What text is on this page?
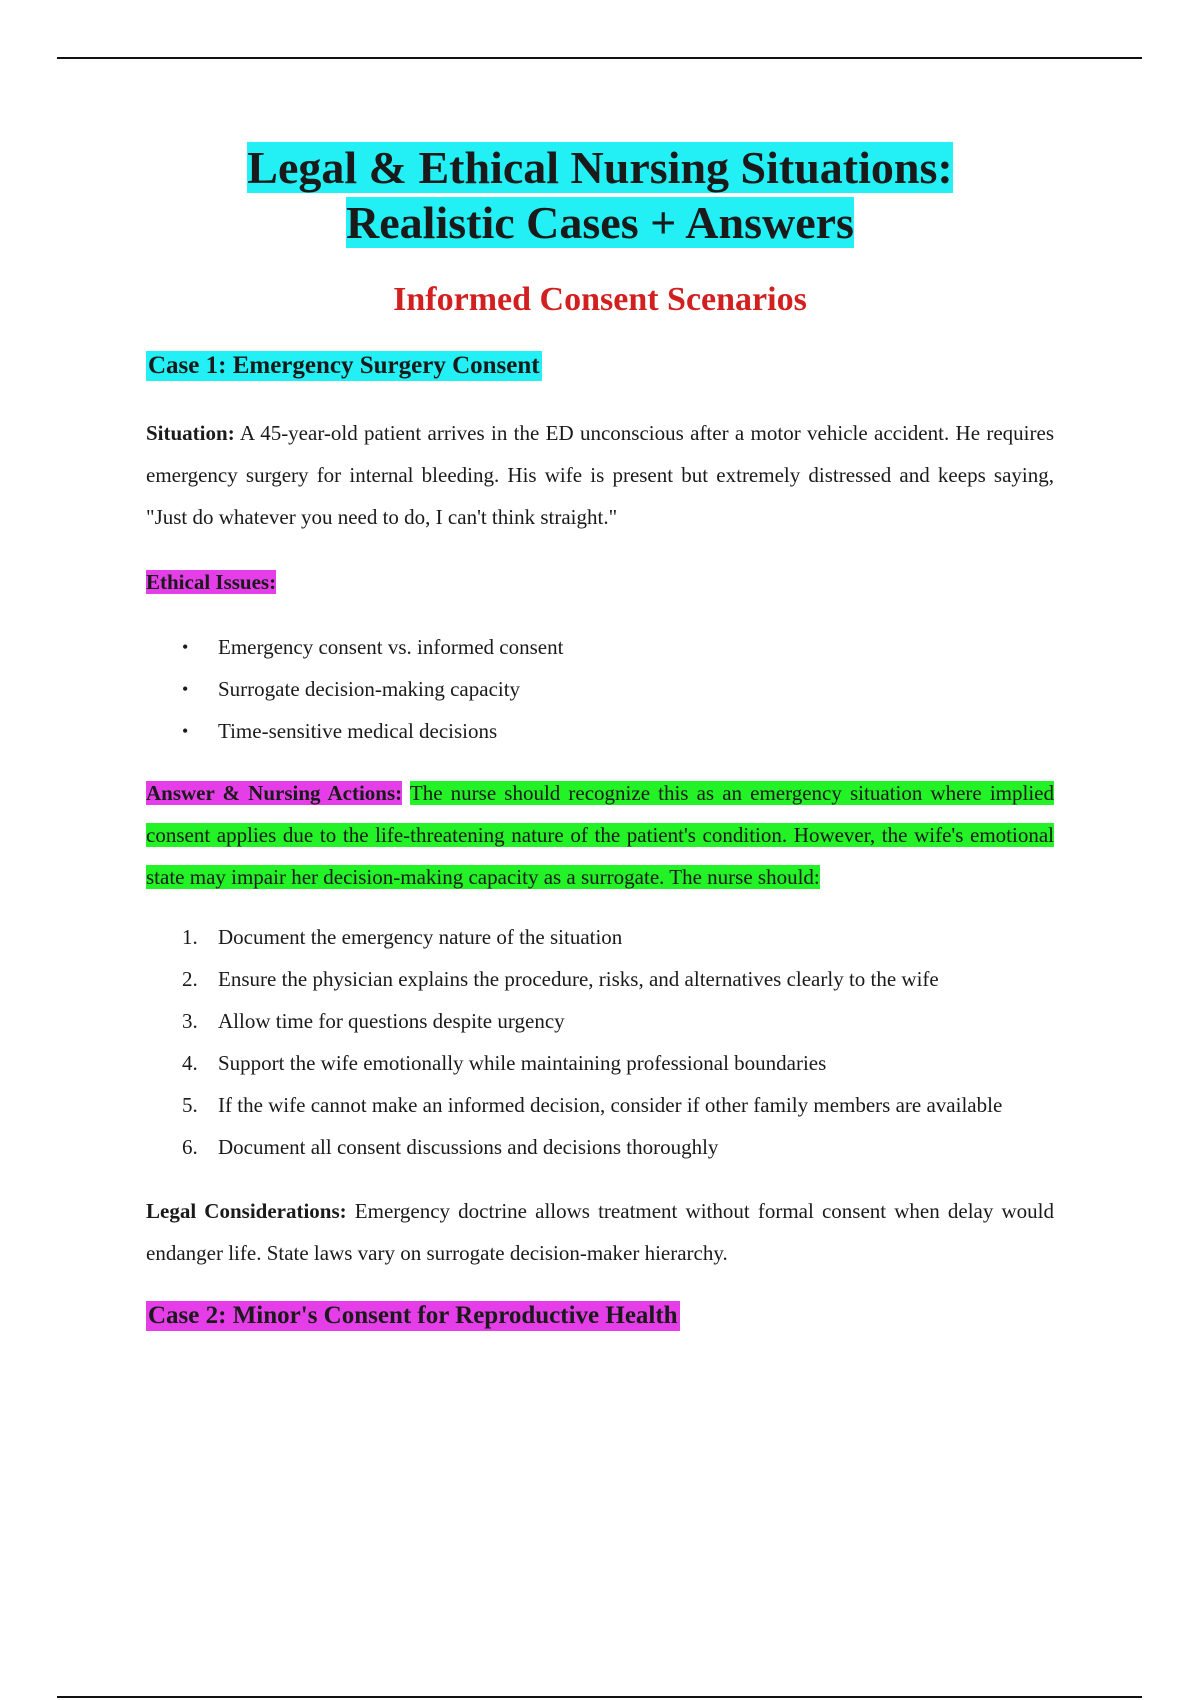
Legal & Ethical Nursing Situations:
Realistic Cases + Answers
Informed Consent Scenarios
Case 1: Emergency Surgery Consent

Situation: A 45-year-old patient arrives in the ED unconscious after a motor vehicle accident. He requires emergency surgery for internal bleeding. His wife is present but extremely distressed and keeps saying, "Just do whatever you need to do, I can't think straight."

Ethical Issues:
• Emergency consent vs. informed consent
• Surrogate decision-making capacity
• Time-sensitive medical decisions

Answer & Nursing Actions: The nurse should recognize this as an emergency situation where implied consent applies due to the life-threatening nature of the patient's condition. However, the wife's emotional state may impair her decision-making capacity as a surrogate. The nurse should:

1. Document the emergency nature of the situation
2. Ensure the physician explains the procedure, risks, and alternatives clearly to the wife
3. Allow time for questions despite urgency
4. Support the wife emotionally while maintaining professional boundaries
5. If the wife cannot make an informed decision, consider if other family members are available
6. Document all consent discussions and decisions thoroughly

Legal Considerations: Emergency doctrine allows treatment without formal consent when delay would endanger life. State laws vary on surrogate decision-maker hierarchy.

Case 2: Minor's Consent for Reproductive Health
